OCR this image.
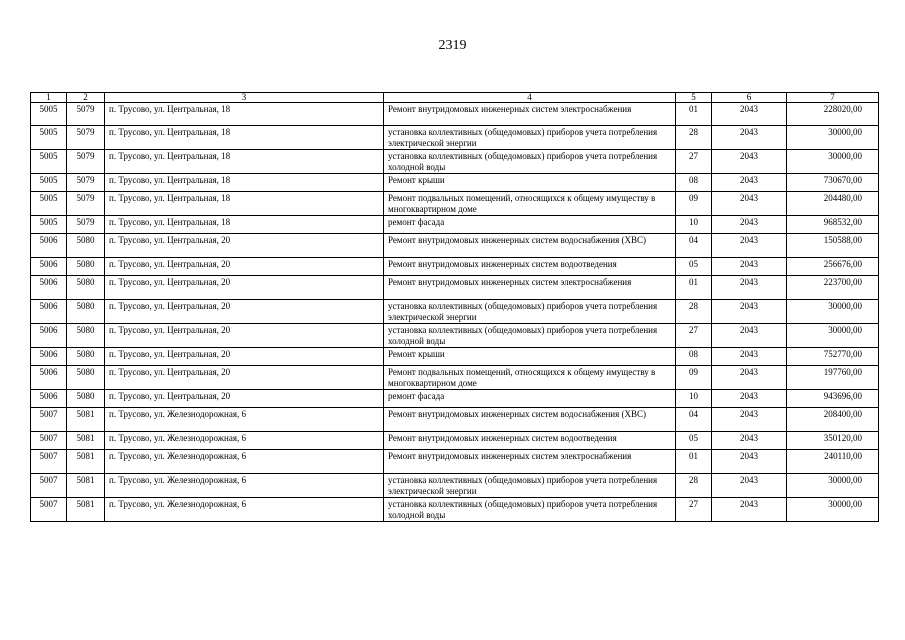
2319
1	2	3	4	5	6	7
5005	5079	п. Трусово, ул. Центральная, 18	Ремонт внутридомовых инженерных систем электроснабжения	01	2043	228020,00
5005	5079	п. Трусово, ул. Центральная, 18	установка коллективных (общедомовых) приборов учета потребления электрической энергии	28	2043	30000,00
5005	5079	п. Трусово, ул. Центральная, 18	установка коллективных (общедомовых) приборов учета потребления холодной воды	27	2043	30000,00
5005	5079	п. Трусово, ул. Центральная, 18	Ремонт крыши	08	2043	730670,00
5005	5079	п. Трусово, ул. Центральная, 18	Ремонт подвальных помещений, относящихся к общему имуществу в многоквартирном доме	09	2043	204480,00
5005	5079	п. Трусово, ул. Центральная, 18	ремонт фасада	10	2043	968532,00
5006	5080	п. Трусово, ул. Центральная, 20	Ремонт внутридомовых инженерных систем водоснабжения (ХВС)	04	2043	150588,00
5006	5080	п. Трусово, ул. Центральная, 20	Ремонт внутридомовых инженерных систем водоотведения	05	2043	256676,00
5006	5080	п. Трусово, ул. Центральная, 20	Ремонт внутридомовых инженерных систем электроснабжения	01	2043	223700,00
5006	5080	п. Трусово, ул. Центральная, 20	установка коллективных (общедомовых) приборов учета потребления электрической энергии	28	2043	30000,00
5006	5080	п. Трусово, ул. Центральная, 20	установка коллективных (общедомовых) приборов учета потребления холодной воды	27	2043	30000,00
5006	5080	п. Трусово, ул. Центральная, 20	Ремонт крыши	08	2043	752770,00
5006	5080	п. Трусово, ул. Центральная, 20	Ремонт подвальных помещений, относящихся к общему имуществу в многоквартирном доме	09	2043	197760,00
5006	5080	п. Трусово, ул. Центральная, 20	ремонт фасада	10	2043	943696,00
5007	5081	п. Трусово, ул. Железнодорожная, 6	Ремонт внутридомовых инженерных систем водоснабжения (ХВС)	04	2043	208400,00
5007	5081	п. Трусово, ул. Железнодорожная, 6	Ремонт внутридомовых инженерных систем водоотведения	05	2043	350120,00
5007	5081	п. Трусово, ул. Железнодорожная, 6	Ремонт внутридомовых инженерных систем электроснабжения	01	2043	240110,00
5007	5081	п. Трусово, ул. Железнодорожная, 6	установка коллективных (общедомовых) приборов учета потребления электрической энергии	28	2043	30000,00
5007	5081	п. Трусово, ул. Железнодорожная, 6	установка коллективных (общедомовых) приборов учета потребления холодной воды	27	2043	30000,00
